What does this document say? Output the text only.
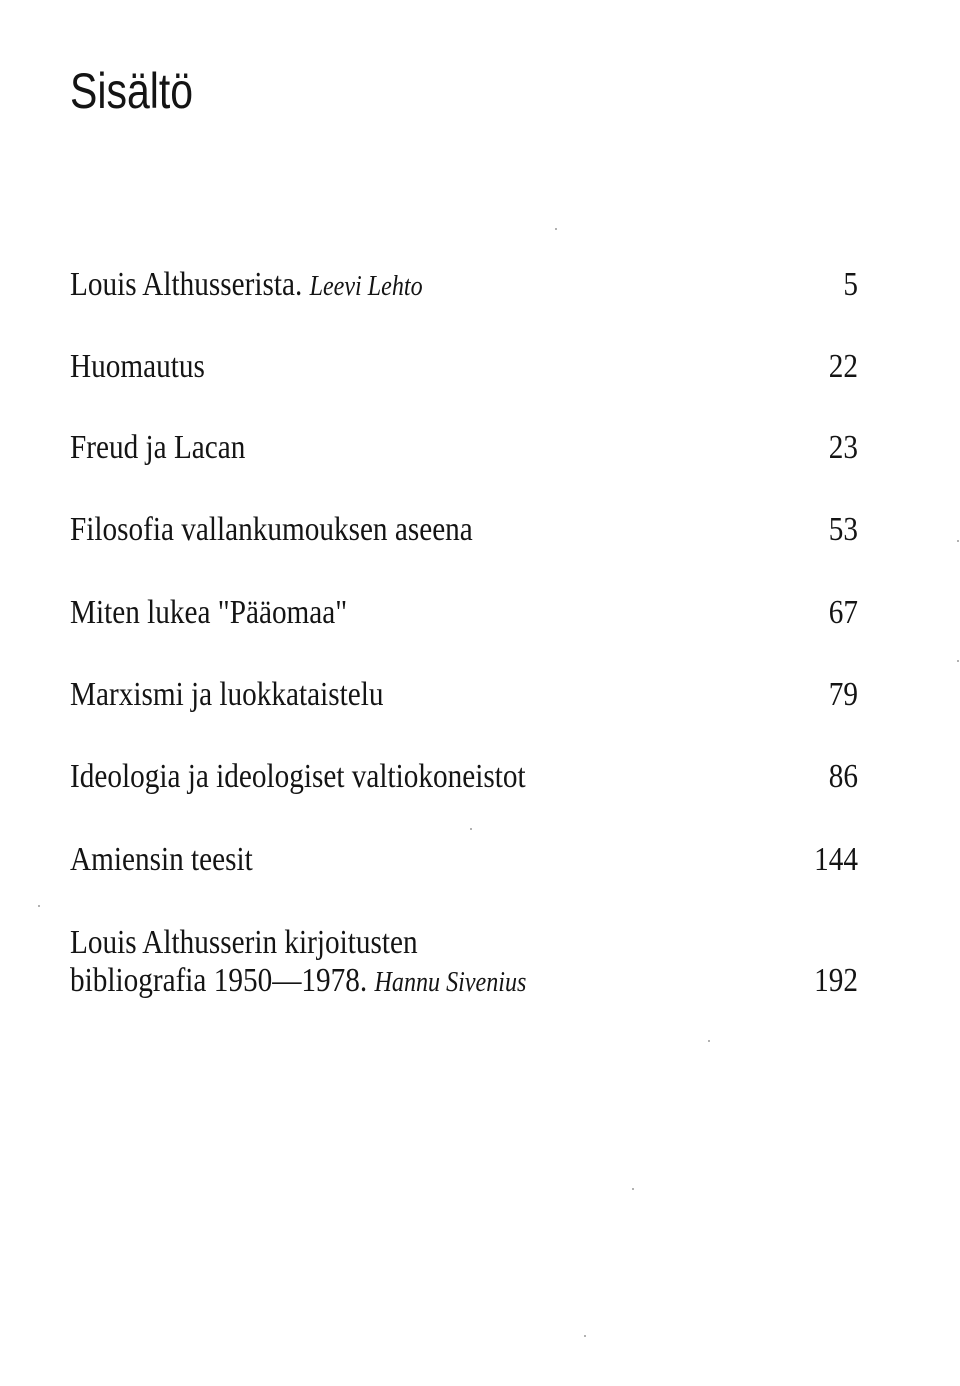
Sisältö
Louis Althusserista. Leevi Lehto	5
Huomautus	22
Freud ja Lacan	23
Filosofia vallankumouksen aseena	53
Miten lukea "Pääomaa"	67
Marxismi ja luokkataistelu	79
Ideologia ja ideologiset valtiokoneistot	86
Amiensin teesit	144
Louis Althusserin kirjoitusten
bibliografia 1950—1978. Hannu Sivenius	192
